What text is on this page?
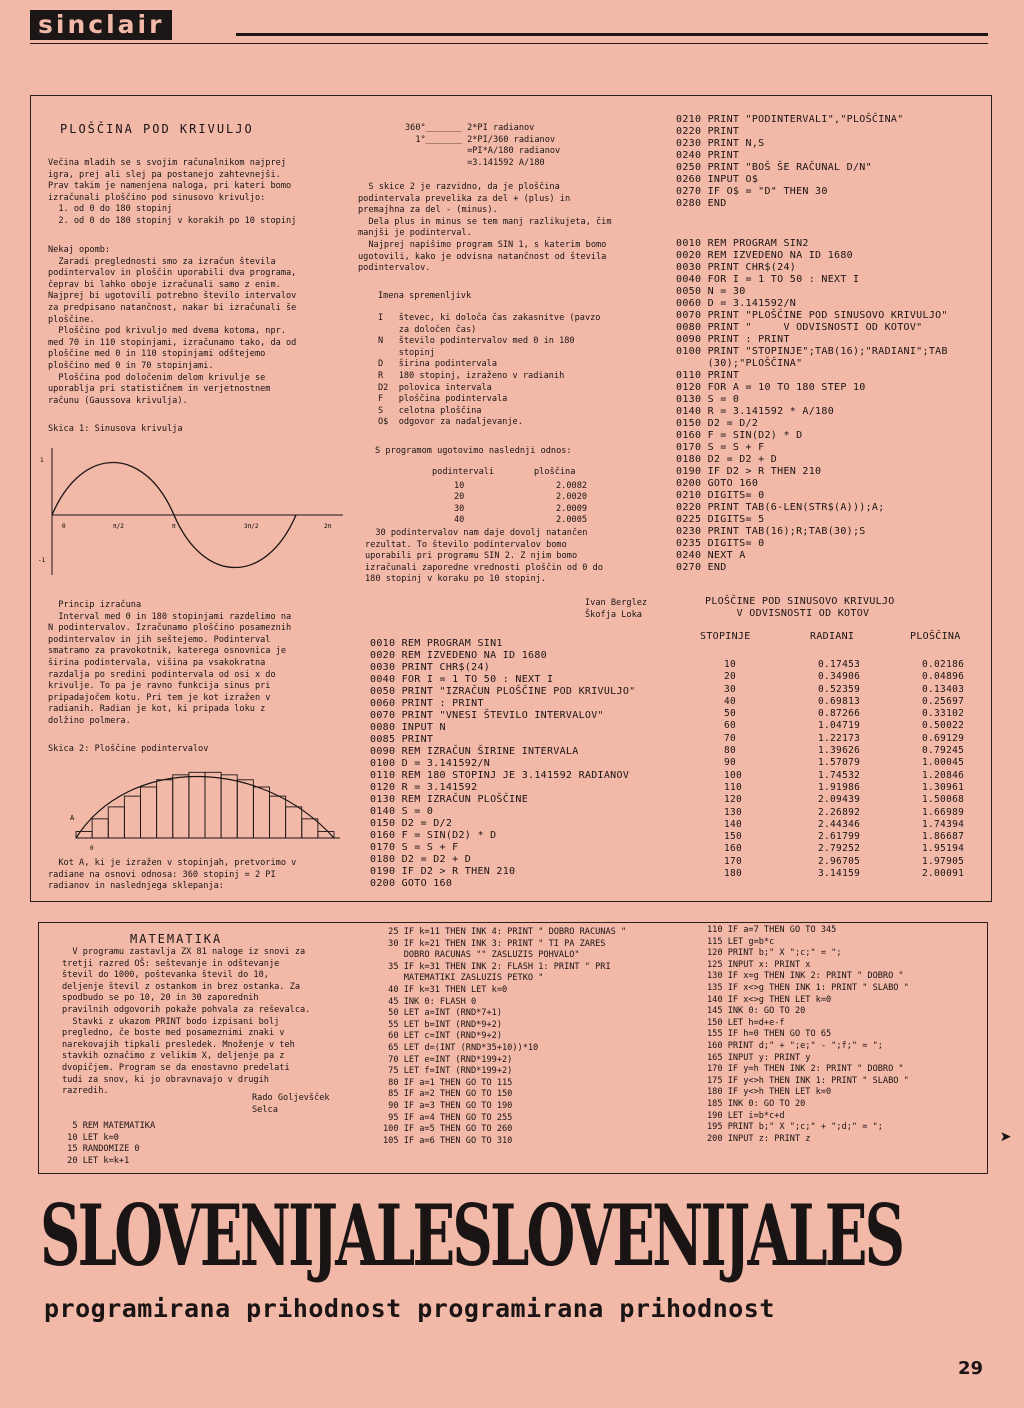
sinclair
PLOŠČINA POD KRIVULJO
Večina mladih se s svojim računalnikom najprej
igra, prej ali slej pa postanejo zahtevnejši.
Prav takim je namenjena naloga, pri kateri bomo
izračunali ploščino pod sinusovo krivuljo:
1. od 0 do 180 stopinj
2. od 0 do 180 stopinj v korakih po 10 stopinj
Nekaj opomb:
Zaradi preglednosti smo za izračun števila
podintervalov in ploščin uporabili dva programa,
čeprav bi lahko oboje izračunali samo z enim.
Najprej bi ugotovili potrebno število intervalov
za predpisano natančnost, nakar bi izračunali še
ploščine.
Ploščino pod krivuljo med dvema kotoma, npr.
med 70 in 110 stopinjami, izračunamo tako, da od
ploščine med 0 in 110 stopinjami odštejemo
ploščino med 0 in 70 stopinjami.
Ploščina pod določenim delom krivulje se
uporablja pri statističnem in verjetnostnem
računu (Gaussova krivulja).
Skica 1: Sinusova krivulja
1
-1
0	π/2	π	3π/2	2π
Princip izračuna
Interval med 0 in 180 stopinjami razdelimo na
N podintervalov. Izračunamo ploščino posameznih
podintervalov in jih seštejemo. Podinterval
smatramo za pravokotnik, katerega osnovnica je
širina podintervala, višina pa vsakokratna
razdalja po sredini podintervala od osi x do
krivulje. To pa je ravno funkcija sinus pri
pripadajočem kotu. Pri tem je kot izražen v
radianih. Radian je kot, ki pripada loku z
dolžino polmera.
Skica 2: Ploščine podintervalov
A
0
Kot A, ki je izražen v stopinjah, pretvorimo v
radiane na osnovi odnosa: 360 stopinj = 2 PI
radianov in naslednjega sklepanja:
360°_______ 2*PI radianov
1°_______ 2*PI/360 radianov
=PI*A/180 radianov
=3.141592 A/180
S skice 2 je razvidno, da je ploščina
podintervala prevelika za del + (plus) in
premajhna za del - (minus).
Dela plus in minus se tem manj razlikujeta, čim
manjši je podinterval.
Najprej napišimo program SIN 1, s katerim bomo
ugotovili, kako je odvisna natančnost od števila
podintervalov.
Imena spremenljivk
I   števec, ki določa čas zakasnitve (pavzo
za določen čas)
N   število podintervalov med 0 in 180
stopinj
D   širina podintervala
R   180 stopinj, izraženo v radianih
D2  polovica intervala
F   ploščina podintervala
S   celotna ploščina
O$  odgovor za nadaljevanje.
S programom ugotovimo naslednji odnos:
podintervali	ploščina
10	2.0082
20	2.0020
30	2.0009
40	2.0005
30 podintervalov nam daje dovolj natančen
rezultat. To število podintervalov bomo
uporabili pri programu SIN 2. Z njim bomo
izračunali zaporedne vrednosti ploščin od 0 do
180 stopinj v koraku po 10 stopinj.
Ivan Berglez
Škofja Loka
0010 REM PROGRAM SIN1
0020 REM IZVEDENO NA ID 1680
0030 PRINT CHR$(24)
0040 FOR I = 1 TO 50 : NEXT I
0050 PRINT "IZRAČUN PLOŠČINE POD KRIVULJO"
0060 PRINT : PRINT
0070 PRINT "VNESI ŠTEVILO INTERVALOV"
0080 INPUT N
0085 PRINT
0090 REM IZRAČUN ŠIRINE INTERVALA
0100 D = 3.141592/N
0110 REM 180 STOPINJ JE 3.141592 RADIANOV
0120 R = 3.141592
0130 REM IZRAČUN PLOŠČINE
0140 S = 0
0150 D2 = D/2
0160 F = SIN(D2) * D
0170 S = S + F
0180 D2 = D2 + D
0190 IF D2 > R THEN 210
0200 GOTO 160
0210 PRINT "PODINTERVALI","PLOŠČINA"
0220 PRINT
0230 PRINT N,S
0240 PRINT
0250 PRINT "BOŠ ŠE RAČUNAL D/N"
0260 INPUT O$
0270 IF O$ = "D" THEN 30
0280 END
0010 REM PROGRAM SIN2
0020 REM IZVEDENO NA ID 1680
0030 PRINT CHR$(24)
0040 FOR I = 1 TO 50 : NEXT I
0050 N = 30
0060 D = 3.141592/N
0070 PRINT "PLOŠČINE POD SINUSOVO KRIVULJO"
0080 PRINT "     V ODVISNOSTI OD KOTOV"
0090 PRINT : PRINT
0100 PRINT "STOPINJE";TAB(16);"RADIANI";TAB
(30);"PLOŠČINA"
0110 PRINT
0120 FOR A = 10 TO 180 STEP 10
0130 S = 0
0140 R = 3.141592 * A/180
0150 D2 = D/2
0160 F = SIN(D2) * D
0170 S = S + F
0180 D2 = D2 + D
0190 IF D2 > R THEN 210
0200 GOTO 160
0210 DIGITS= 0
0220 PRINT TAB(6-LEN(STR$(A)));A;
0225 DIGITS= 5
0230 PRINT TAB(16);R;TAB(30);S
0235 DIGITS= 0
0240 NEXT A
0270 END
PLOŠČINE POD SINUSOVO KRIVULJO
V ODVISNOSTI OD KOTOV
STOPINJE	RADIANI	PLOŠČINA
10	0.17453	0.02186
20	0.34906	0.04896
30	0.52359	0.13403
40	0.69813	0.25697
50	0.87266	0.33102
60	1.04719	0.50022
70	1.22173	0.69129
80	1.39626	0.79245
90	1.57079	1.00045
100	1.74532	1.20846
110	1.91986	1.30961
120	2.09439	1.50068
130	2.26892	1.66989
140	2.44346	1.74394
150	2.61799	1.86687
160	2.79252	1.95194
170	2.96705	1.97905
180	3.14159	2.00091
MATEMATIKA
V programu zastavlja ZX 81 naloge iz snovi za
tretji razred OŠ: seštevanje in odštevanje
števil do 1000, poštevanka števil do 10,
deljenje števil z ostankom in brez ostanka. Za
spodbudo se po 10, 20 in 30 zaporednih
pravilnih odgovorih pokaže pohvala za reševalca.
Stavki z ukazom PRINT bodo izpisani bolj
pregledno, če boste med posameznimi znaki v
narekovajih tipkali presledek. Množenje v teh
stavkih označimo z velikim X, deljenje pa z
dvopičjem. Program se da enostavno predelati
tudi za snov, ki jo obravnavajo v drugih
razredih.
Rado Goljevšček
Selca
5 REM MATEMATIKA
10 LET k=0
15 RANDOMIZE 0
20 LET k=k+1
25 IF k=11 THEN INK 4: PRINT " DOBRO RACUNAS "
30 IF k=21 THEN INK 3: PRINT " TI PA ZARES
DOBRO RACUNAS "" ZASLUZIS POHVALO"
35 IF k=31 THEN INK 2: FLASH 1: PRINT " PRI
MATEMATIKI ZASLUZIS PETKO "
40 IF k=31 THEN LET k=0
45 INK 0: FLASH 0
50 LET a=INT (RND*7+1)
55 LET b=INT (RND*9+2)
60 LET c=INT (RND*9+2)
65 LET d=(INT (RND*35+10))*10
70 LET e=INT (RND*199+2)
75 LET f=INT (RND*199+2)
80 IF a=1 THEN GO TO 115
85 IF a=2 THEN GO TO 150
90 IF a=3 THEN GO TO 190
95 IF a=4 THEN GO TO 255
100 IF a=5 THEN GO TO 260
105 IF a=6 THEN GO TO 310
110 IF a=7 THEN GO TO 345
115 LET g=b*c
120 PRINT b;" X ";c;" = ";
125 INPUT x: PRINT x
130 IF x=g THEN INK 2: PRINT " DOBRO "
135 IF x<>g THEN INK 1: PRINT " SLABO "
140 IF x<>g THEN LET k=0
145 INK 0: GO TO 20
150 LET h=d+e-f
155 IF h=0 THEN GO TO 65
160 PRINT d;" + ";e;" - ";f;" = ";
165 INPUT y: PRINT y
170 IF y=h THEN INK 2: PRINT " DOBRO "
175 IF y<>h THEN INK 1: PRINT " SLABO "
180 IF y<>h THEN LET k=0
185 INK 0: GO TO 20
190 LET i=b*c+d
195 PRINT b;" X ";c;" + ";d;" = ";
200 INPUT z: PRINT z	➤
SLOVENIJALESLOVENIJALES
programirana prihodnost programirana prihodnost
29
